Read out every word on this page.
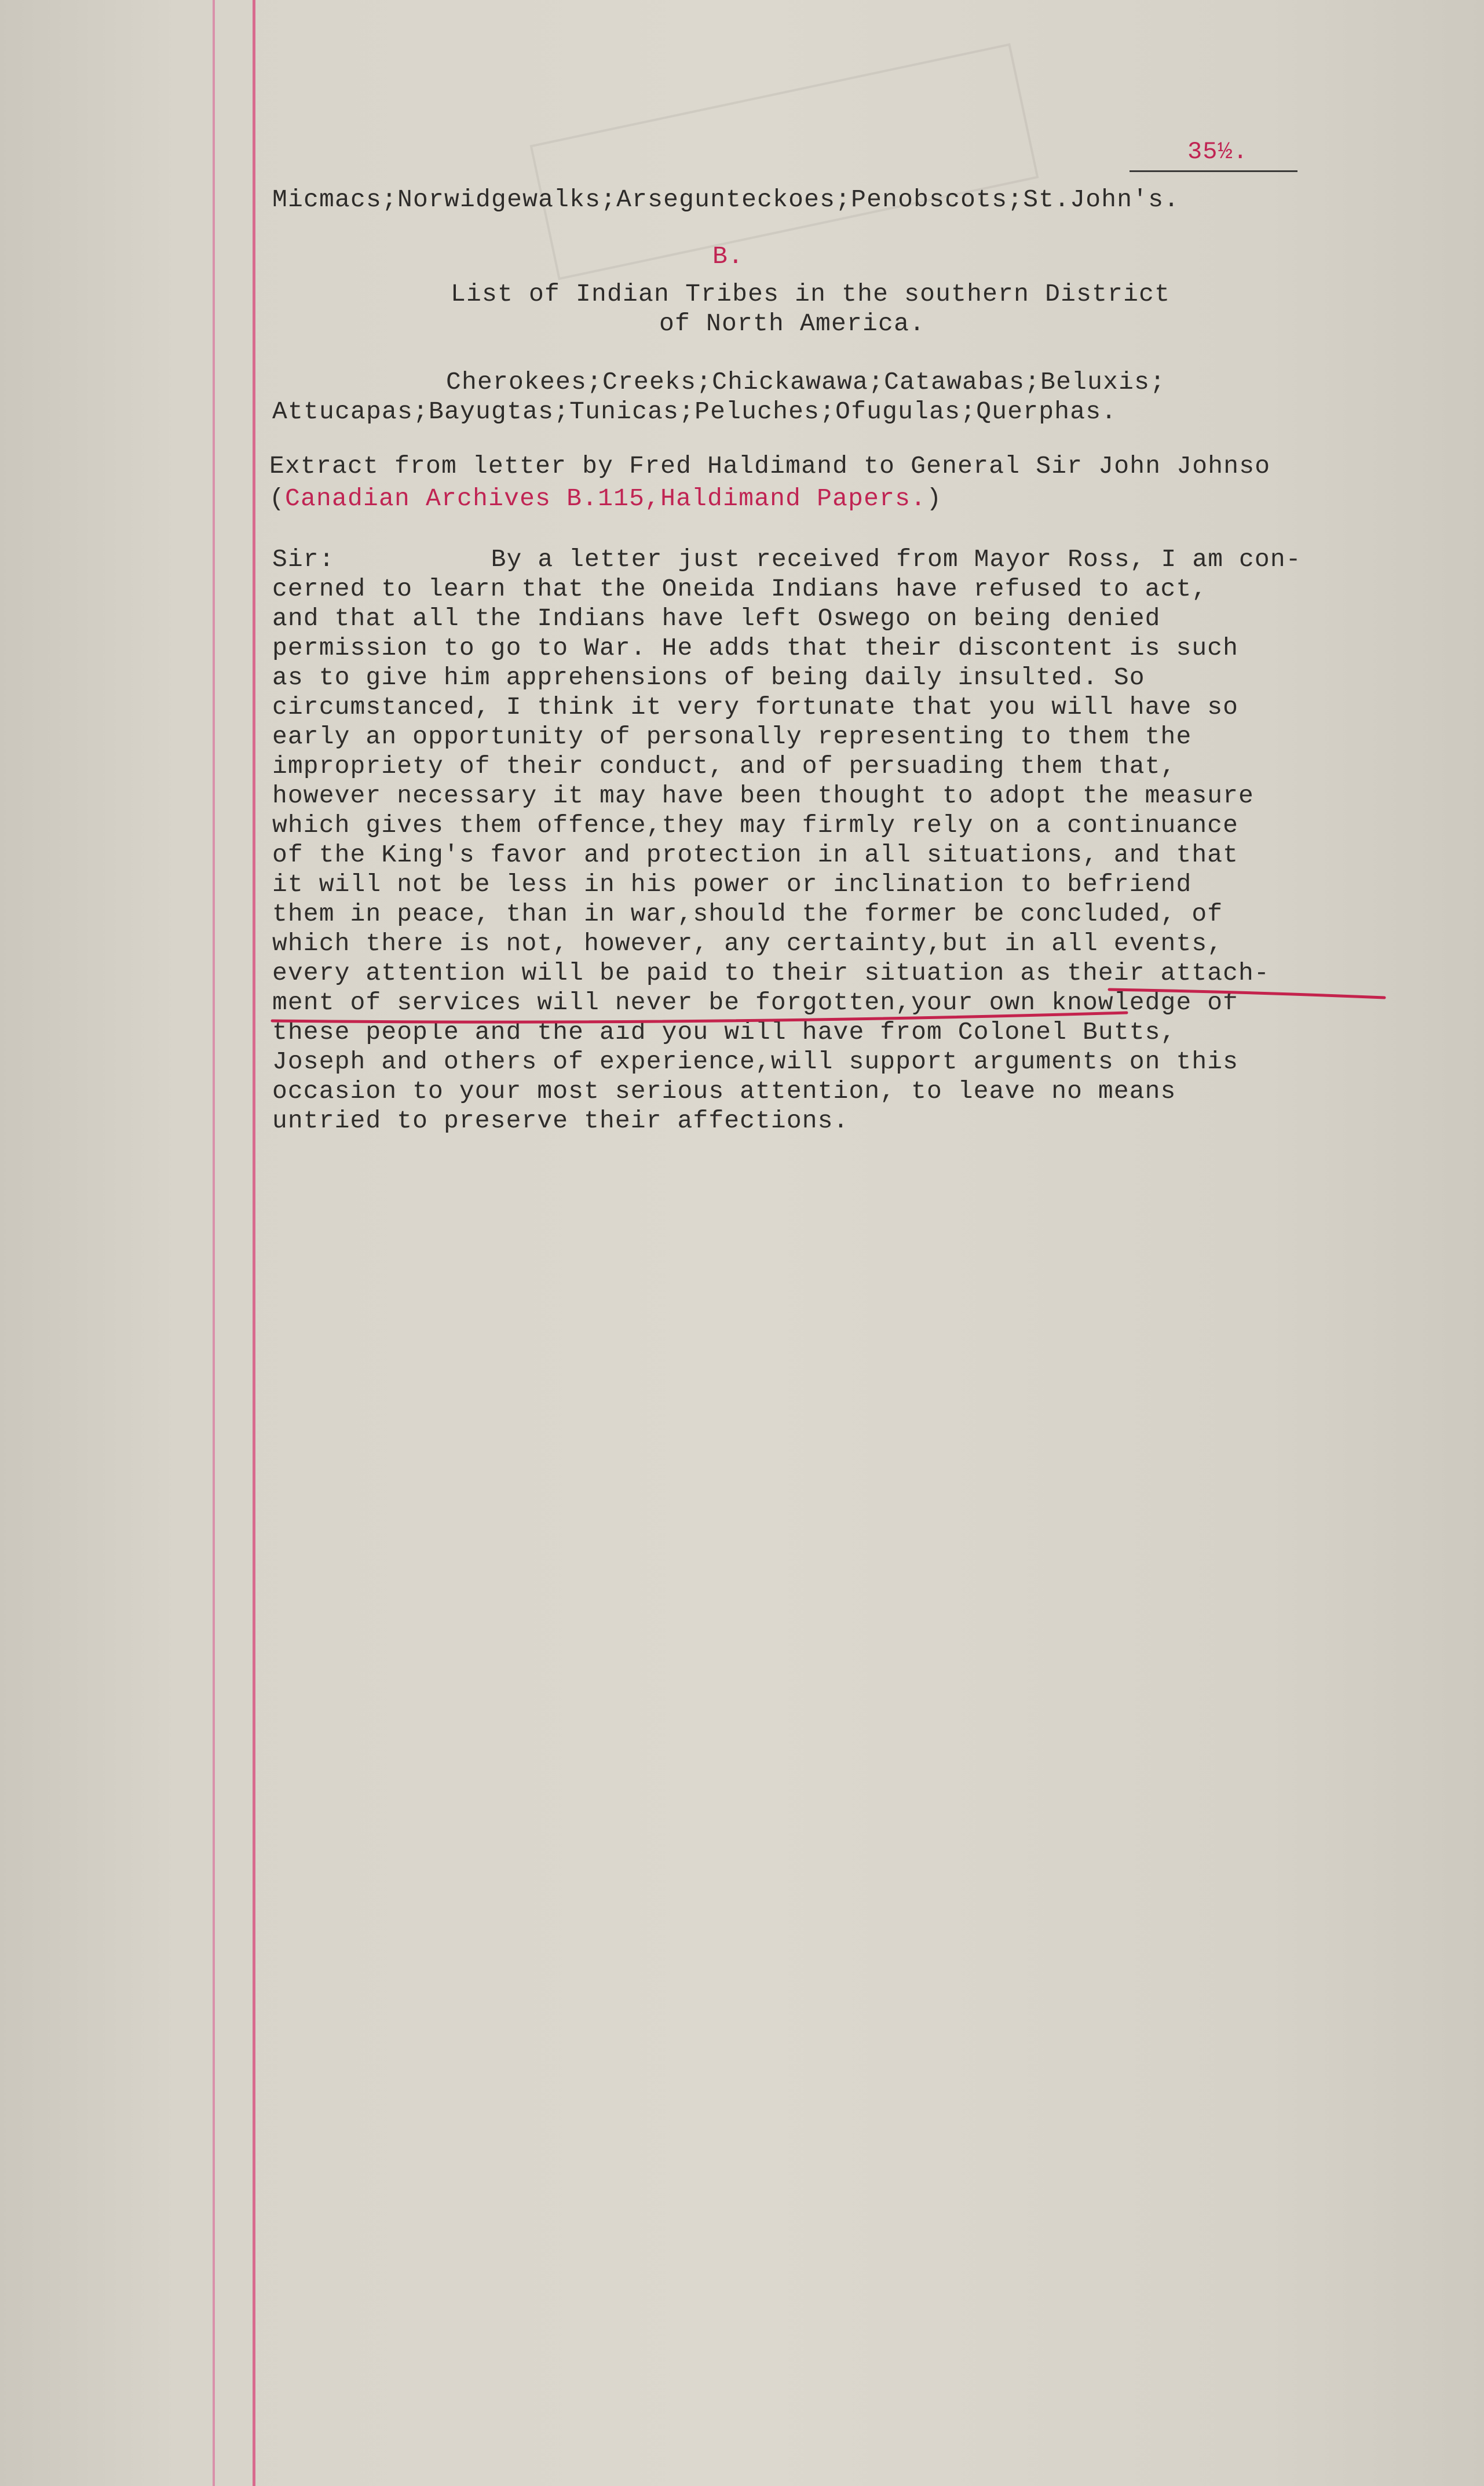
35½.
Micmacs;Norwidgewalks;Arsegunteckoes;Penobscots;St.John's.
B.
List of Indian Tribes in the southern District
of North America.
Cherokees;Creeks;Chickawawa;Catawabas;Beluxis;
Attucapas;Bayugtas;Tunicas;Peluches;Ofugulas;Querphas.
Extract from letter by Fred Haldimand to General Sir John Johnso
(Canadian Archives B.115,Haldimand Papers.)
Sir:	By a letter just received from Mayor Ross, I am con-
cerned to learn that the Oneida Indians have refused to act,
and that all the Indians have left Oswego on being denied
permission to go to War. He adds that their discontent is such
as to give him apprehensions of being daily insulted. So
circumstanced, I think it very fortunate that you will have so
early an opportunity of personally representing to them the
impropriety of their conduct, and of persuading them that,
however necessary it may have been thought to adopt the measure
which gives them offence,they may firmly rely on a continuance
of the King's favor and protection in all situations, and that
it will not be less in his power or inclination to befriend
them in peace, than in war,should the former be concluded, of
which there is not, however, any certainty,but in all events,
every attention will be paid to their situation as their attach-
ment of services will never be forgotten,your own knowledge of
these people and the aid you will have from Colonel Butts,
Joseph and others of experience,will support arguments on this
occasion to your most serious attention, to leave no means
untried to preserve their affections.
